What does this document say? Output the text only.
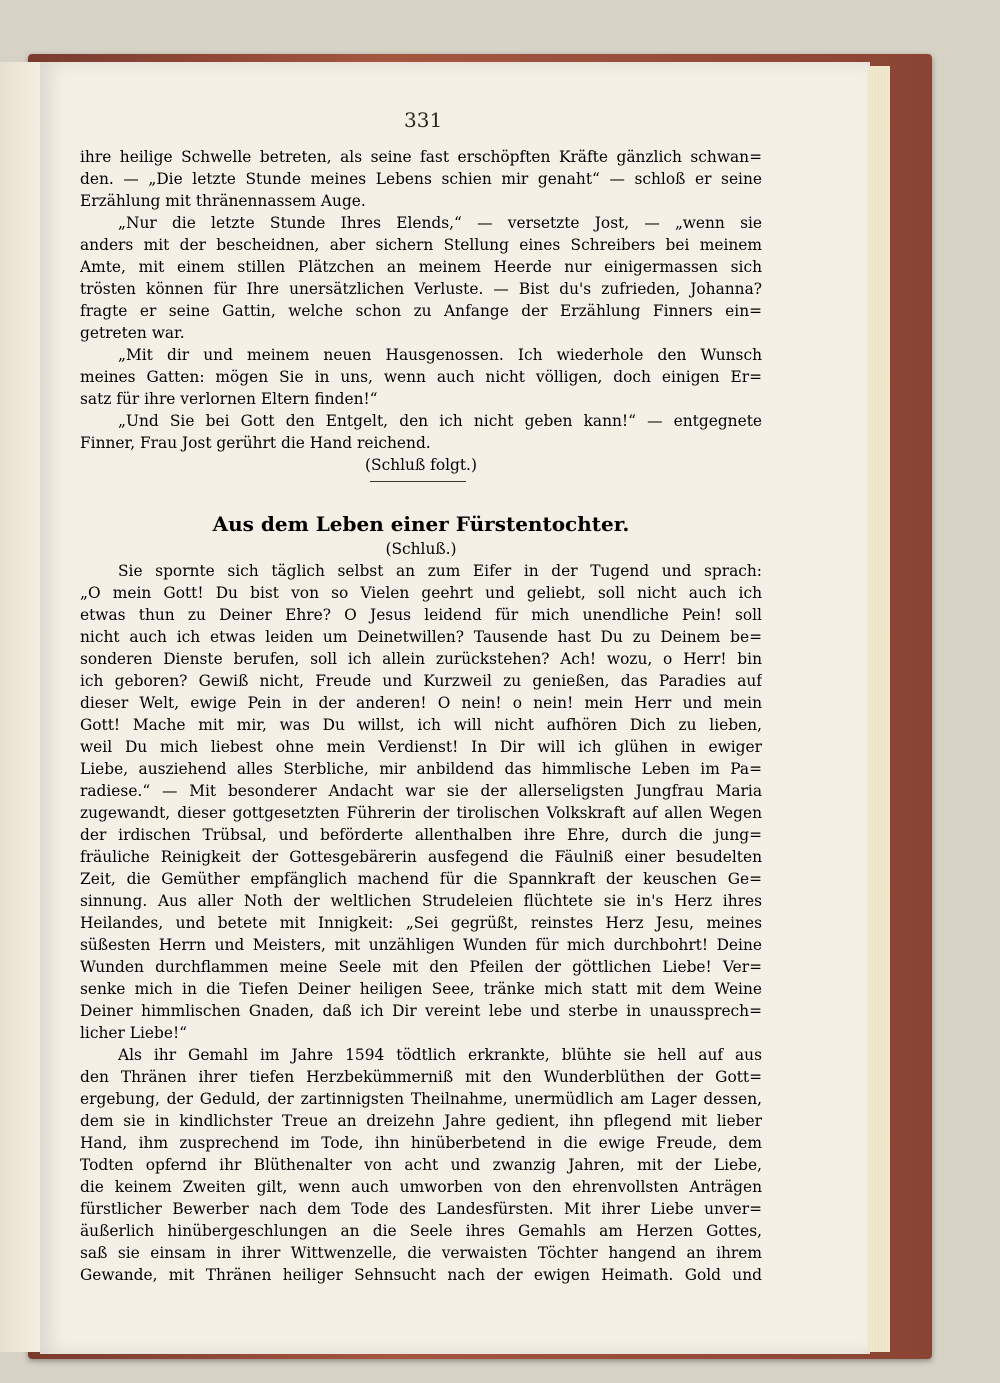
331
ihre heilige Schwelle betreten, als seine fast erschöpften Kräfte gänzlich schwan=
den. — „Die letzte Stunde meines Lebens schien mir genaht“ — schloß er seine
Erzählung mit thränennassem Auge.
„Nur die letzte Stunde Ihres Elends,“ — versetzte Jost, — „wenn sie
anders mit der bescheidnen, aber sichern Stellung eines Schreibers bei meinem
Amte, mit einem stillen Plätzchen an meinem Heerde nur einigermassen sich
trösten können für Ihre unersätzlichen Verluste. — Bist du's zufrieden, Johanna?
fragte er seine Gattin, welche schon zu Anfange der Erzählung Finners ein=
getreten war.
„Mit dir und meinem neuen Hausgenossen. Ich wiederhole den Wunsch
meines Gatten: mögen Sie in uns, wenn auch nicht völligen, doch einigen Er=
satz für ihre verlornen Eltern finden!“
„Und Sie bei Gott den Entgelt, den ich nicht geben kann!“ — entgegnete
Finner, Frau Jost gerührt die Hand reichend.
(Schluß folgt.)
Aus dem Leben einer Fürstentochter.
(Schluß.)
Sie spornte sich täglich selbst an zum Eifer in der Tugend und sprach:
„O mein Gott! Du bist von so Vielen geehrt und geliebt, soll nicht auch ich
etwas thun zu Deiner Ehre? O Jesus leidend für mich unendliche Pein! soll
nicht auch ich etwas leiden um Deinetwillen? Tausende hast Du zu Deinem be=
sonderen Dienste berufen, soll ich allein zurückstehen? Ach! wozu, o Herr! bin
ich geboren? Gewiß nicht, Freude und Kurzweil zu genießen, das Paradies auf
dieser Welt, ewige Pein in der anderen! O nein! o nein! mein Herr und mein
Gott! Mache mit mir, was Du willst, ich will nicht aufhören Dich zu lieben,
weil Du mich liebest ohne mein Verdienst! In Dir will ich glühen in ewiger
Liebe, ausziehend alles Sterbliche, mir anbildend das himmlische Leben im Pa=
radiese.“ — Mit besonderer Andacht war sie der allerseligsten Jungfrau Maria
zugewandt, dieser gottgesetzten Führerin der tirolischen Volkskraft auf allen Wegen
der irdischen Trübsal, und beförderte allenthalben ihre Ehre, durch die jung=
fräuliche Reinigkeit der Gottesgebärerin ausfegend die Fäulniß einer besudelten
Zeit, die Gemüther empfänglich machend für die Spannkraft der keuschen Ge=
sinnung. Aus aller Noth der weltlichen Strudeleien flüchtete sie in's Herz ihres
Heilandes, und betete mit Innigkeit: „Sei gegrüßt, reinstes Herz Jesu, meines
süßesten Herrn und Meisters, mit unzähligen Wunden für mich durchbohrt! Deine
Wunden durchflammen meine Seele mit den Pfeilen der göttlichen Liebe! Ver=
senke mich in die Tiefen Deiner heiligen Seee, tränke mich statt mit dem Weine
Deiner himmlischen Gnaden, daß ich Dir vereint lebe und sterbe in unaussprech=
licher Liebe!“
Als ihr Gemahl im Jahre 1594 tödtlich erkrankte, blühte sie hell auf aus
den Thränen ihrer tiefen Herzbekümmerniß mit den Wunderblüthen der Gott=
ergebung, der Geduld, der zartinnigsten Theilnahme, unermüdlich am Lager dessen,
dem sie in kindlichster Treue an dreizehn Jahre gedient, ihn pflegend mit lieber
Hand, ihm zusprechend im Tode, ihn hinüberbetend in die ewige Freude, dem
Todten opfernd ihr Blüthenalter von acht und zwanzig Jahren, mit der Liebe,
die keinem Zweiten gilt, wenn auch umworben von den ehrenvollsten Anträgen
fürstlicher Bewerber nach dem Tode des Landesfürsten. Mit ihrer Liebe unver=
äußerlich hinübergeschlungen an die Seele ihres Gemahls am Herzen Gottes,
saß sie einsam in ihrer Wittwenzelle, die verwaisten Töchter hangend an ihrem
Gewande, mit Thränen heiliger Sehnsucht nach der ewigen Heimath. Gold und
